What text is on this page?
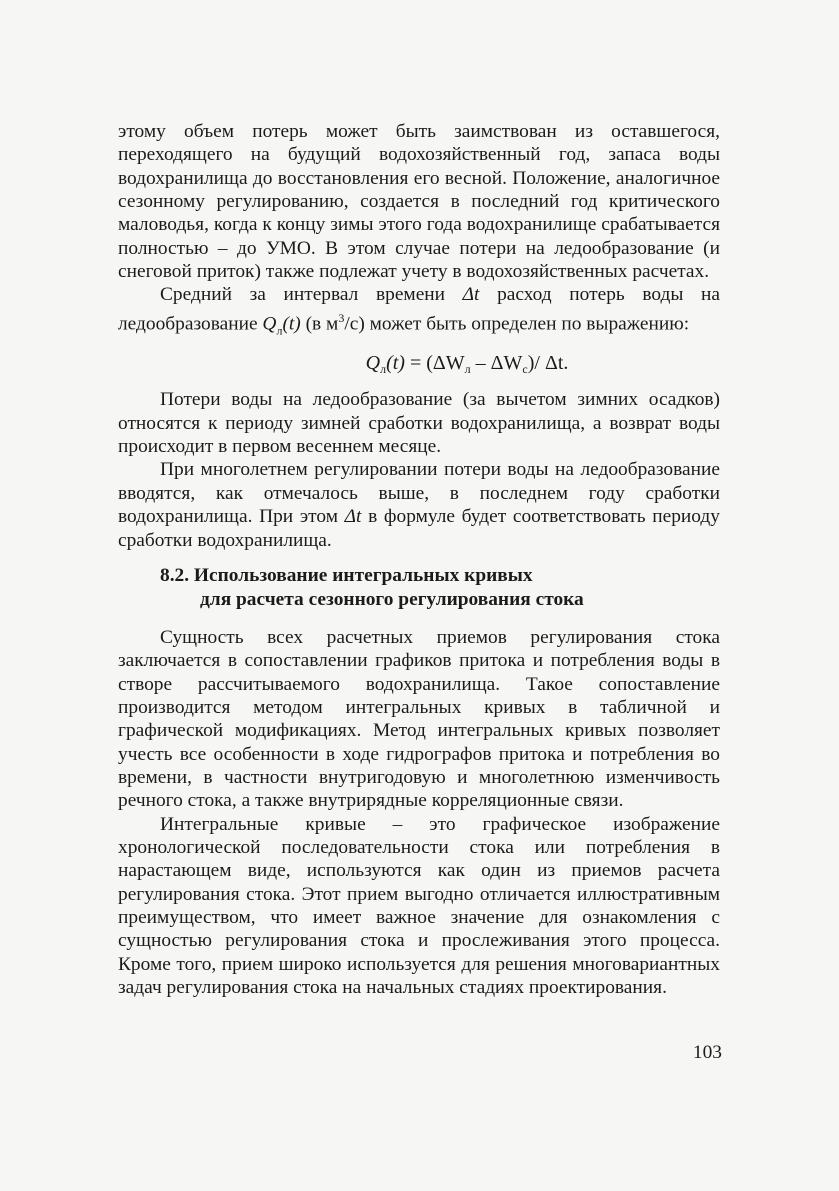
этому объем потерь может быть заимствован из оставшегося, переходящего на будущий водохозяйственный год, запаса воды водохранилища до восстановления его весной. Положение, аналогичное сезонному регулированию, создается в последний год критического маловодья, когда к концу зимы этого года водохранилище срабатывается полностью – до УМО. В этом случае потери на ледообразование (и снеговой приток) также подлежат учету в водохозяйственных расчетах.

Средний за интервал времени Δt расход потерь воды на ледообразование $Q_л(t)$ (в $м^3/с$) может быть определен по выражению:

$Q_л(t) = (\Delta W_л - \Delta W_с)/$ Δt.

Потери воды на ледообразование (за вычетом зимних осадков) относятся к периоду зимней сработки водохранилища, а возврат воды происходит в первом весеннем месяце.

При многолетнем регулировании потери воды на ледообразование вводятся, как отмечалось выше, в последнем году сработки водохранилища. При этом Δt в формуле будет соответствовать периоду сработки водохранилища.

8.2. Использование интегральных кривых
для расчета сезонного регулирования стока

Сущность всех расчетных приемов регулирования стока заключается в сопоставлении графиков притока и потребления воды в створе рассчитываемого водохранилища. Такое сопоставление производится методом интегральных кривых в табличной и графической модификациях. Метод интегральных кривых позволяет учесть все особенности в ходе гидрографов притока и потребления во времени, в частности внутригодовую и многолетнюю изменчивость речного стока, а также внутрирядные корреляционные связи.

Интегральные кривые – это графическое изображение хронологической последовательности стока или потребления в нарастающем виде, используются как один из приемов расчета регулирования стока. Этот прием выгодно отличается иллюстративным преимуществом, что имеет важное значение для ознакомления с сущностью регулирования стока и прослеживания этого процесса. Кроме того, прием широко используется для решения многовариантных задач регулирования стока на начальных стадиях проектирования.

103
